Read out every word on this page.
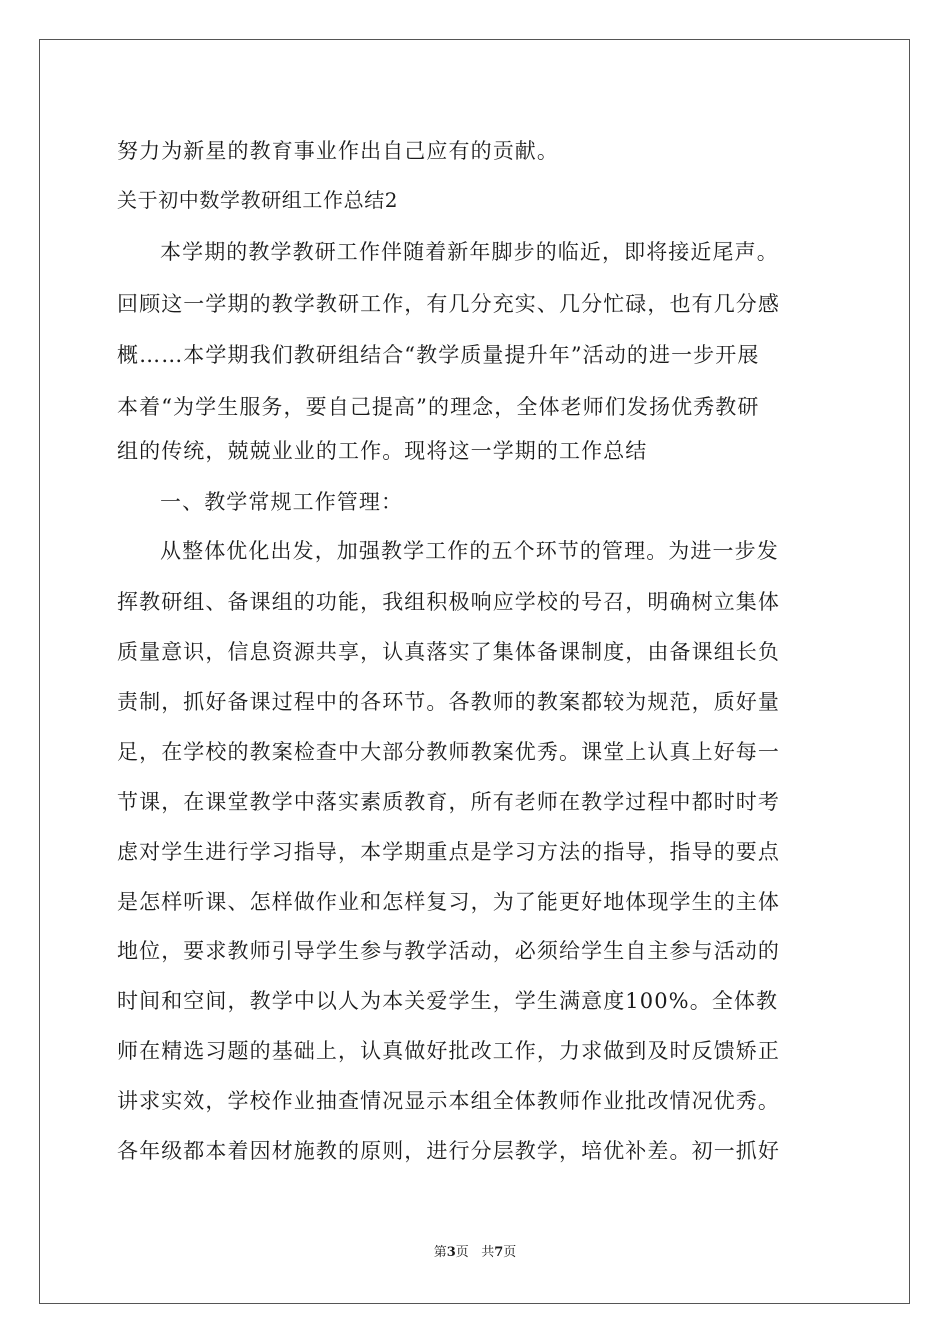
努力为新星的教育事业作出自己应有的贡献。
关于初中数学教研组工作总结2
本学期的教学教研工作伴随着新年脚步的临近，即将接近尾声。
回顾这一学期的教学教研工作，有几分充实、几分忙碌，也有几分感
概……本学期我们教研组结合“教学质量提升年”活动的进一步开展
本着“为学生服务，要自己提高”的理念，全体老师们发扬优秀教研
组的传统，兢兢业业的工作。现将这一学期的工作总结
一、教学常规工作管理：
从整体优化出发，加强教学工作的五个环节的管理。为进一步发
挥教研组、备课组的功能，我组积极响应学校的号召，明确树立集体
质量意识，信息资源共享，认真落实了集体备课制度，由备课组长负
责制，抓好备课过程中的各环节。各教师的教案都较为规范，质好量
足，在学校的教案检查中大部分教师教案优秀。课堂上认真上好每一
节课，在课堂教学中落实素质教育，所有老师在教学过程中都时时考
虑对学生进行学习指导，本学期重点是学习方法的指导，指导的要点
是怎样听课、怎样做作业和怎样复习，为了能更好地体现学生的主体
地位，要求教师引导学生参与教学活动，必须给学生自主参与活动的
时间和空间，教学中以人为本关爱学生，学生满意度100%。全体教
师在精选习题的基础上，认真做好批改工作，力求做到及时反馈矫正
讲求实效，学校作业抽查情况显示本组全体教师作业批改情况优秀。
各年级都本着因材施教的原则，进行分层教学，培优补差。初一抓好
第3页 共7页
